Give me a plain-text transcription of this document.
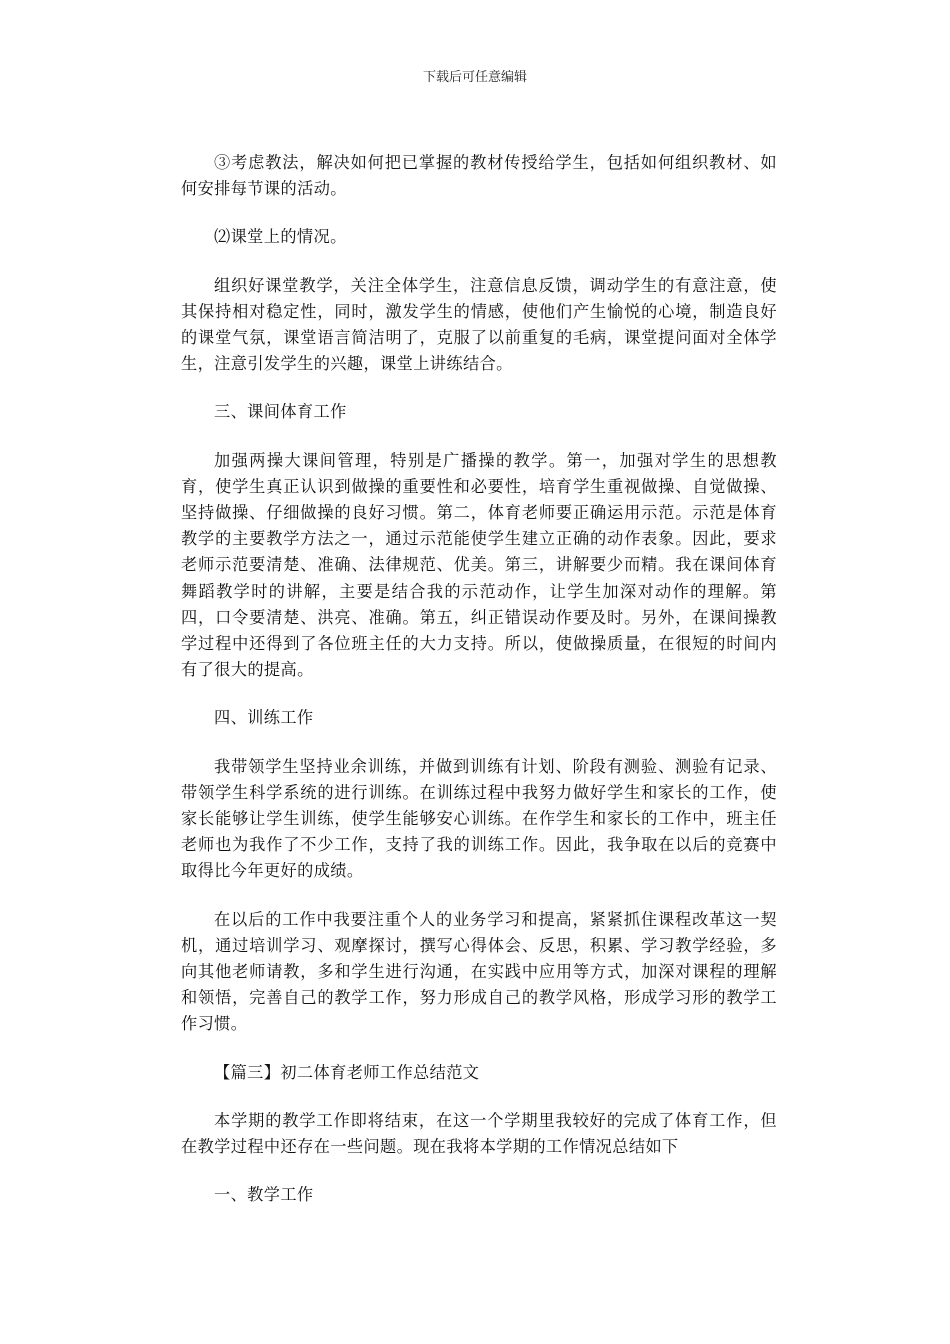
下载后可任意编辑

③考虑教法，解决如何把已掌握的教材传授给学生，包括如何组织教材、如何安排每节课的活动。

⑵课堂上的情况。

组织好课堂教学，关注全体学生，注意信息反馈，调动学生的有意注意，使其保持相对稳定性，同时，激发学生的情感，使他们产生愉悦的心境，制造良好的课堂气氛，课堂语言简洁明了，克服了以前重复的毛病，课堂提问面对全体学生，注意引发学生的兴趣，课堂上讲练结合。

三、课间体育工作

加强两操大课间管理，特别是广播操的教学。第一，加强对学生的思想教育，使学生真正认识到做操的重要性和必要性，培育学生重视做操、自觉做操、坚持做操、仔细做操的良好习惯。第二，体育老师要正确运用示范。示范是体育教学的主要教学方法之一，通过示范能使学生建立正确的动作表象。因此，要求老师示范要清楚、准确、法律规范、优美。第三，讲解要少而精。我在课间体育舞蹈教学时的讲解，主要是结合我的示范动作，让学生加深对动作的理解。第四，口令要清楚、洪亮、准确。第五，纠正错误动作要及时。另外，在课间操教学过程中还得到了各位班主任的大力支持。所以，使做操质量，在很短的时间内有了很大的提高。

四、训练工作

我带领学生坚持业余训练，并做到训练有计划、阶段有测验、测验有记录、带领学生科学系统的进行训练。在训练过程中我努力做好学生和家长的工作，使家长能够让学生训练，使学生能够安心训练。在作学生和家长的工作中，班主任老师也为我作了不少工作，支持了我的训练工作。因此，我争取在以后的竞赛中取得比今年更好的成绩。

在以后的工作中我要注重个人的业务学习和提高，紧紧抓住课程改革这一契机，通过培训学习、观摩探讨，撰写心得体会、反思，积累、学习教学经验，多向其他老师请教，多和学生进行沟通，在实践中应用等方式，加深对课程的理解和领悟，完善自己的教学工作，努力形成自己的教学风格，形成学习形的教学工作习惯。

【篇三】初二体育老师工作总结范文

本学期的教学工作即将结束，在这一个学期里我较好的完成了体育工作，但在教学过程中还存在一些问题。现在我将本学期的工作情况总结如下

一、教学工作
